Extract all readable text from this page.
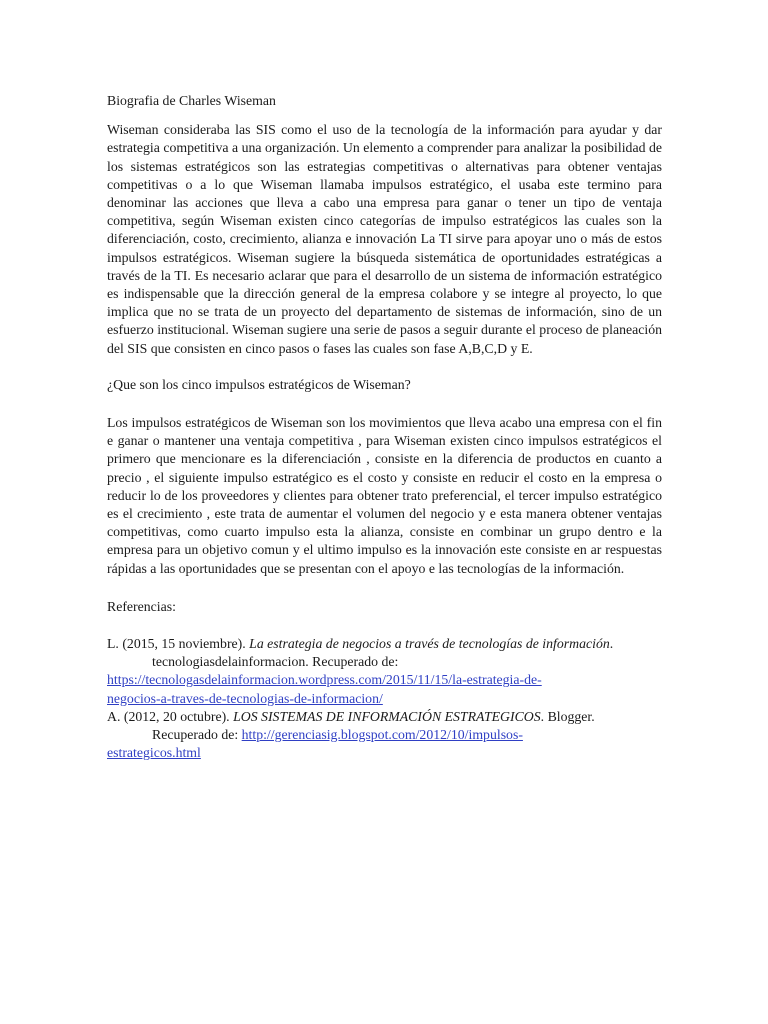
Biografia de Charles Wiseman

Wiseman consideraba las SIS como el uso de la tecnología de la información para ayudar y dar estrategia competitiva a una organización. Un elemento a comprender para analizar la posibilidad de los sistemas estratégicos son las estrategias competitivas o alternativas para obtener ventajas competitivas o a lo que Wiseman llamaba impulsos estratégico, el usaba este termino para denominar las acciones que lleva a cabo una empresa para ganar o tener un tipo de ventaja competitiva, según Wiseman existen cinco categorías de impulso estratégicos las cuales son la diferenciación, costo, crecimiento, alianza e innovación La TI sirve para apoyar uno o más de estos impulsos estratégicos. Wiseman sugiere la búsqueda sistemática de oportunidades estratégicas a través de la TI. Es necesario aclarar que para el desarrollo de un sistema de información estratégico es indispensable que la dirección general de la empresa colabore y se integre al proyecto, lo que implica que no se trata de un proyecto del departamento de sistemas de información, sino de un esfuerzo institucional. Wiseman sugiere una serie de pasos a seguir durante el proceso de planeación del SIS que consisten en cinco pasos o fases las cuales son fase A,B,C,D y E.

¿Que son los cinco impulsos estratégicos de Wiseman?

Los impulsos estratégicos de Wiseman son los movimientos que lleva acabo una empresa con el fin e ganar o mantener una ventaja competitiva , para Wiseman existen cinco impulsos estratégicos el primero que mencionare es la diferenciación , consiste en la diferencia de productos en cuanto a precio , el siguiente impulso estratégico es el costo y consiste en reducir el costo en la empresa o reducir lo de los proveedores y clientes para obtener trato preferencial, el tercer impulso estratégico es el crecimiento , este trata de aumentar el volumen del negocio y e esta manera obtener ventajas competitivas, como cuarto impulso esta la alianza, consiste en combinar un grupo dentro e la empresa para un objetivo comun y el ultimo impulso es la innovación este consiste en ar respuestas rápidas a las oportunidades que se presentan con el apoyo e las tecnologías de la información.

Referencias:

L. (2015, 15 noviembre). La estrategia de negocios a través de tecnologías de información. tecnologiasdelainformacion. Recuperado de:
https://tecnologasdelainformacion.wordpress.com/2015/11/15/la-estrategia-de-
negocios-a-traves-de-tecnologias-de-informacion/

A. (2012, 20 octubre). LOS SISTEMAS DE INFORMACIÓN ESTRATEGICOS. Blogger. Recuperado de: http://gerenciasig.blogspot.com/2012/10/impulsos-
estrategicos.html
